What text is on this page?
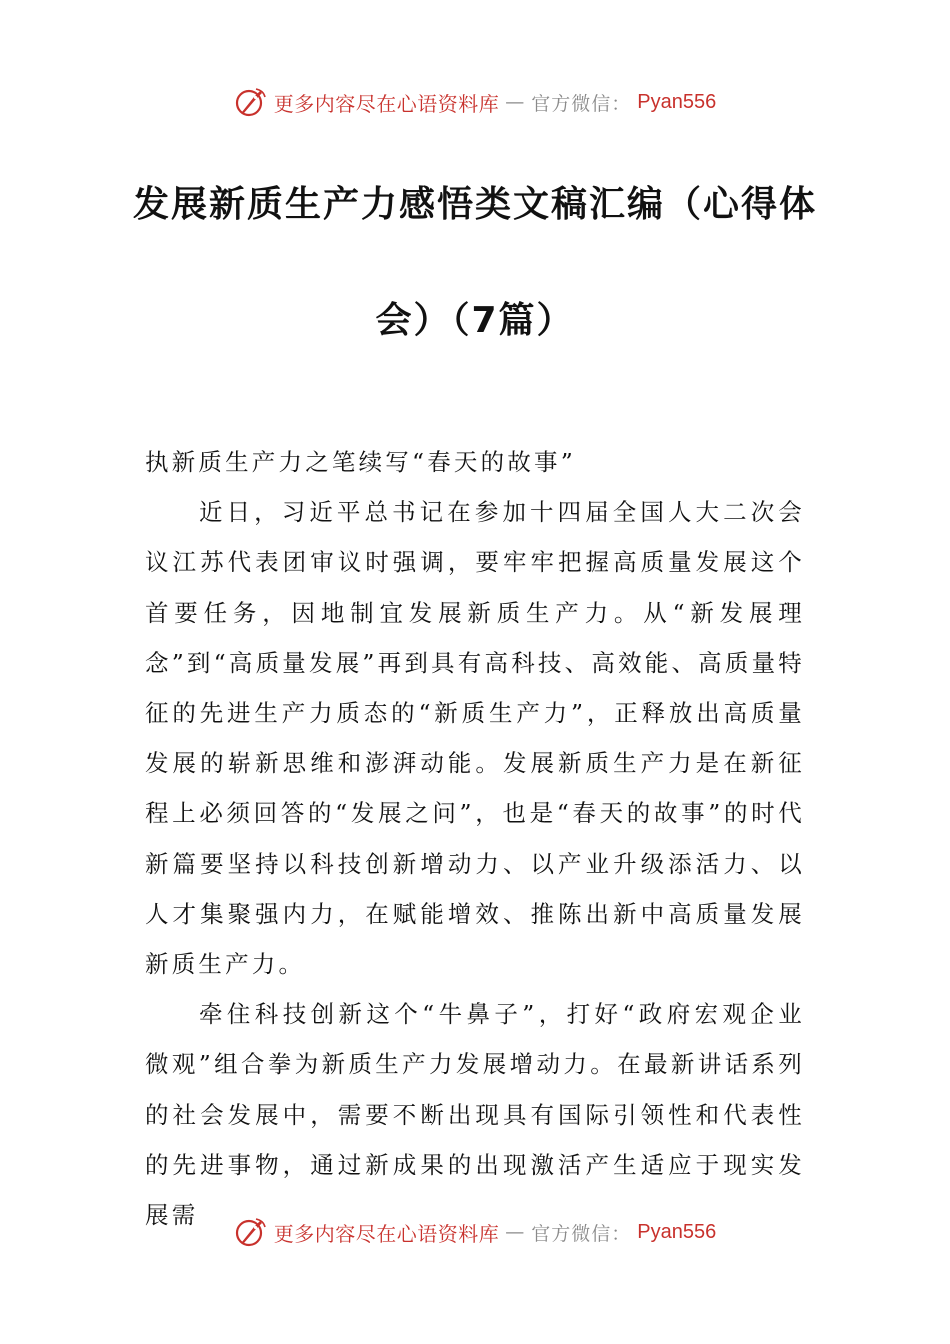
更多内容尽在心语资料库 — 官方微信： Pyan556
发展新质生产力感悟类文稿汇编（心得体
会）（7篇）

执新质生产力之笔续写“春天的故事”

近日，习近平总书记在参加十四届全国人大二次会议江苏代表团审议时强调，要牢牢把握高质量发展这个首要任务，因地制宜发展新质生产力。从“新发展理念”到“高质量发展”再到具有高科技、高效能、高质量特征的先进生产力质态的“新质生产力”，正释放出高质量发展的崭新思维和澎湃动能。发展新质生产力是在新征程上必须回答的“发展之问”，也是“春天的故事”的时代新篇要坚持以科技创新增动力、以产业升级添活力、以人才集聚强内力，在赋能增效、推陈出新中高质量发展新质生产力。

牵住科技创新这个“牛鼻子”，打好“政府宏观企业微观”组合拳为新质生产力发展增动力。在最新讲话系列的社会发展中，需要不断出现具有国际引领性和代表性的先进事物，通过新成果的出现激活产生适应于现实发展需

更多内容尽在心语资料库 — 官方微信： Pyan556
